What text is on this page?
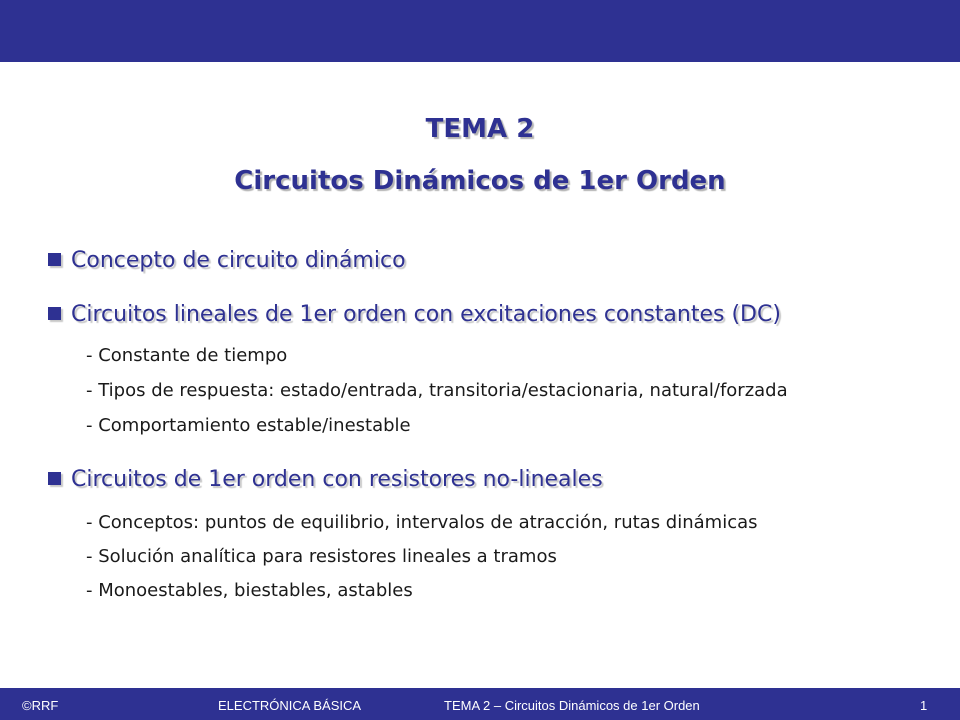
TEMA 2
Circuitos Dinámicos de 1er Orden
Concepto de circuito dinámico
Circuitos lineales de 1er orden con excitaciones constantes (DC)
- Constante de tiempo
- Tipos de respuesta: estado/entrada, transitoria/estacionaria, natural/forzada
- Comportamiento estable/inestable
Circuitos de 1er orden con resistores no-lineales
- Conceptos: puntos de equilibrio, intervalos de atracción, rutas dinámicas
- Solución analítica para resistores lineales a tramos
- Monoestables, biestables, astables
©RRF	ELECTRÓNICA BÁSICA	TEMA 2 – Circuitos Dinámicos de 1er Orden	1
